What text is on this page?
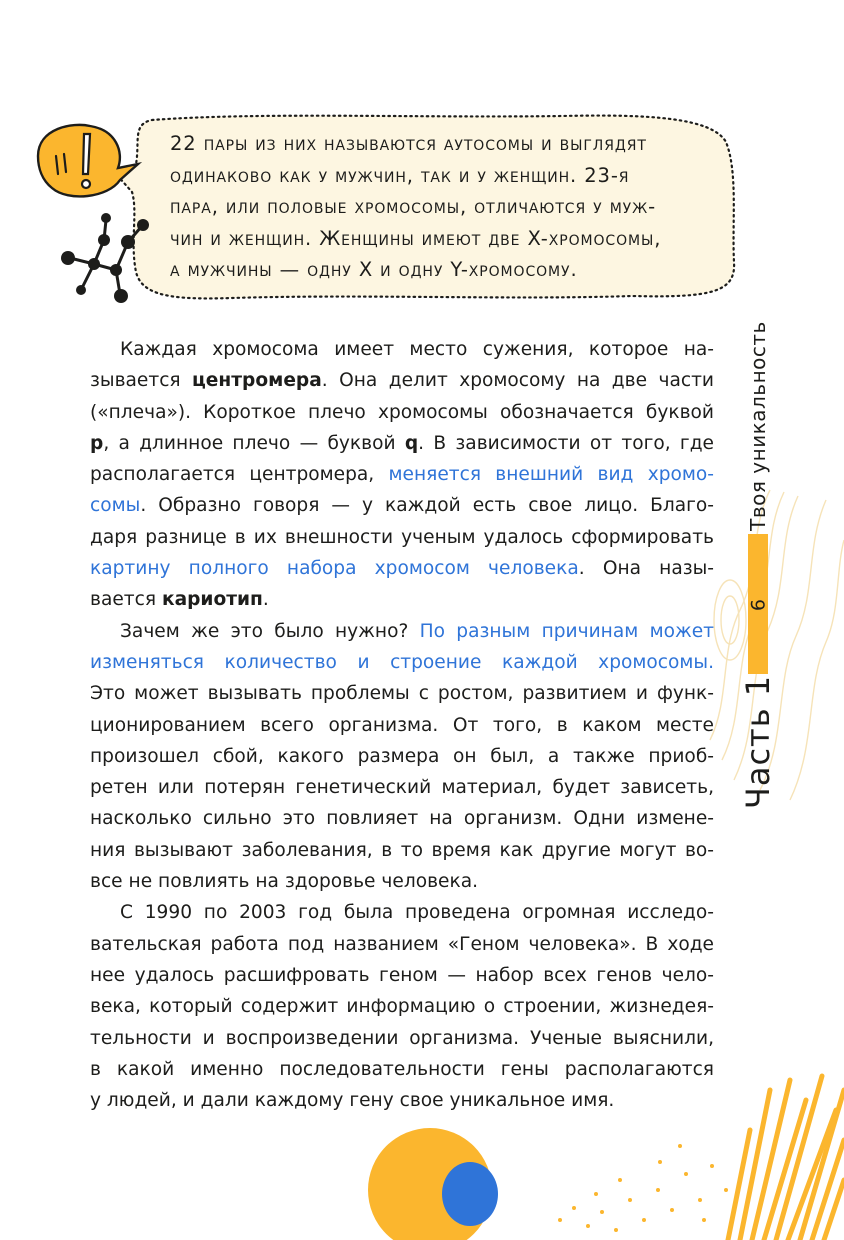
22 пары из них называются аутосомы и выглядят
одинаково как у мужчин, так и у женщин. 23-я
пара, или половые хромосомы, отличаются у муж-
чин и женщин. Женщины имеют две X-хромосомы,
а мужчины — одну X и одну Y-хромосому.
Каждая хромосома имеет место сужения, которое на-
зывается центромера. Она делит хромосому на две части
(«плеча»). Короткое плечо хромосомы обозначается буквой
p, а длинное плечо — буквой q. В зависимости от того, где
располагается центромера, меняется внешний вид хромо-
сомы. Образно говоря — у каждой есть свое лицо. Благо-
даря разнице в их внешности ученым удалось сформировать
картину полного набора хромосом человека. Она назы-
вается кариотип.
Зачем же это было нужно? По разным причинам может
изменяться количество и строение каждой хромосомы.
Это может вызывать проблемы с ростом, развитием и функ-
ционированием всего организма. От того, в каком месте
произошел сбой, какого размера он был, а также приоб-
ретен или потерян генетический материал, будет зависеть,
насколько сильно это повлияет на организм. Одни измене-
ния вызывают заболевания, в то время как другие могут во-
все не повлиять на здоровье человека.
С 1990 по 2003 год была проведена огромная исследо-
вательская работа под названием «Геном человека». В ходе
нее удалось расшифровать геном — набор всех генов чело-
века, который содержит информацию о строении, жизнедея-
тельности и воспроизведении организма. Ученые выяснили,
в какой именно последовательности гены располагаются
у людей, и дали каждому гену свое уникальное имя.
9
Твоя уникальность
Часть 1
